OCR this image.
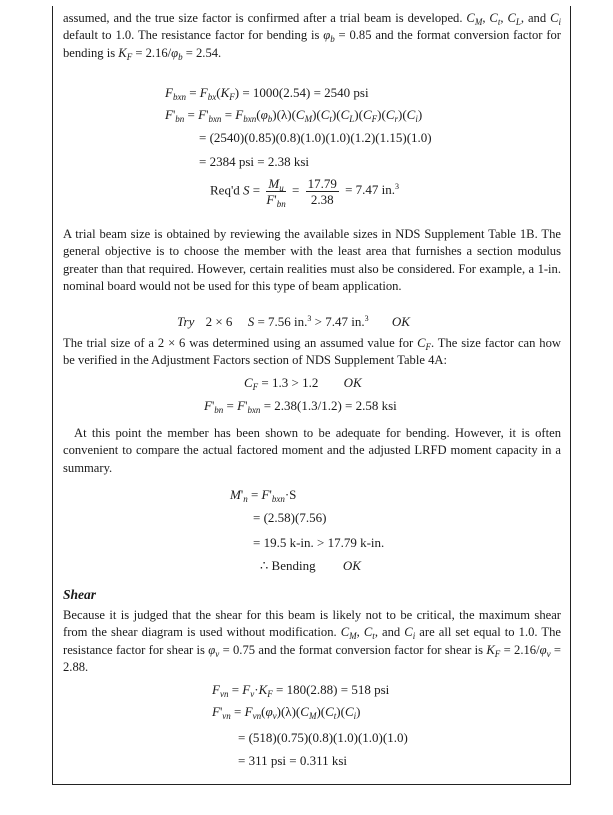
assumed, and the true size factor is confirmed after a trial beam is developed. $C_M$, $C_t$, $C_L$, and $C_i$ default to 1.0. The resistance factor for bending is $\varphi_b = 0.85$ and the format conversion factor for bending is $K_F = 2.16/\varphi_b = 2.54$.

$F_{bxn} = F_{bx}(K_F) = 1000(2.54) = 2540$ psi
$F'_{bn} = F'_{bxn} = F_{bxn}(\varphi_b)(\lambda)(C_M)(C_t)(C_L)(C_F)(C_r)(C_i)$
= (2540)(0.85)(0.8)(1.0)(1.0)(1.2)(1.15)(1.0)
= 2384 psi = 2.38 ksi
Req'd $S = \frac{M_u}{F'_{bn}} = \frac{17.79}{2.38} = 7.47$ in.$^3$

A trial beam size is obtained by reviewing the available sizes in NDS Supplement Table 1B. The general objective is to choose the member with the least area that furnishes a section modulus greater than that required. However, certain realities must also be considered. For example, a 1-in. nominal board would not be used for this type of beam application.

Try 2 × 6 S = 7.56 in.$^3$ > 7.47 in.$^3$ OK

The trial size of a 2 × 6 was determined using an assumed value for $C_F$. The size factor can how be verified in the Adjustment Factors section of NDS Supplement Table 4A:

$C_F = 1.3 > 1.2$ OK
$F'_{bn} = F'_{bxn} = 2.38(1.3/1.2) = 2.58$ ksi

At this point the member has been shown to be adequate for bending. However, it is often convenient to compare the actual factored moment and the adjusted LRFD moment capacity in a summary.

$M'_n = F'_{bxn}\cdot S$
= (2.58)(7.56)
= 19.5 k-in. > 17.79 k-in.
∴ Bending OK
Shear

Because it is judged that the shear for this beam is likely not to be critical, the maximum shear from the shear diagram is used without modification. $C_M$, $C_t$, and $C_i$ are all set equal to 1.0. The resistance factor for shear is $\varphi_v = 0.75$ and the format conversion factor for shear is $K_F = 2.16/\varphi_v = 2.88$.

$F_{vn} = F_v\cdot K_F = 180(2.88) = 518$ psi
$F'_{vn} = F_{vn}(\varphi_v)(\lambda)(C_M)(C_t)(C_i)$
= (518)(0.75)(0.8)(1.0)(1.0)(1.0)
= 311 psi = 0.311 ksi
